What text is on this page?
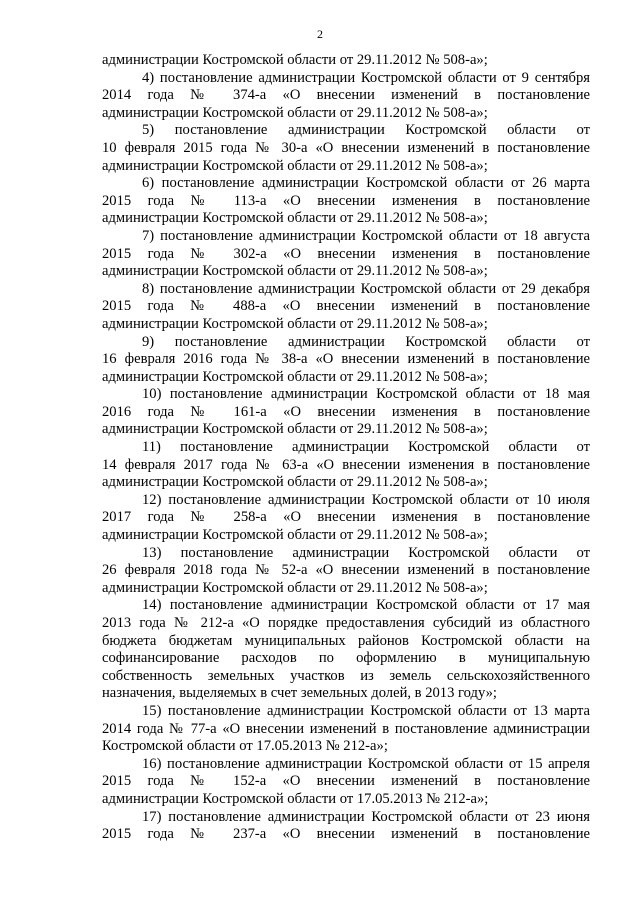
2
администрации Костромской области от 29.11.2012 № 508-а»;
4) постановление администрации Костромской области от 9 сентября
2014 года № 374-а «О внесении изменений в постановление
администрации Костромской области от 29.11.2012 № 508-а»;
5) постановление администрации Костромской области от
10 февраля 2015 года № 30-а «О внесении изменений в постановление
администрации Костромской области от 29.11.2012 № 508-а»;
6) постановление администрации Костромской области от 26 марта
2015 года № 113-а «О внесении изменения в постановление
администрации Костромской области от 29.11.2012 № 508-а»;
7) постановление администрации Костромской области от 18 августа
2015 года № 302-а «О внесении изменения в постановление
администрации Костромской области от 29.11.2012 № 508-а»;
8) постановление администрации Костромской области от 29 декабря
2015 года № 488-а «О внесении изменений в постановление
администрации Костромской области от 29.11.2012 № 508-а»;
9) постановление администрации Костромской области от
16 февраля 2016 года № 38-а «О внесении изменений в постановление
администрации Костромской области от 29.11.2012 № 508-а»;
10) постановление администрации Костромской области от 18 мая
2016 года № 161-а «О внесении изменения в постановление
администрации Костромской области от 29.11.2012 № 508-а»;
11) постановление администрации Костромской области от
14 февраля 2017 года № 63-а «О внесении изменения в постановление
администрации Костромской области от 29.11.2012 № 508-а»;
12) постановление администрации Костромской области от 10 июля
2017 года № 258-а «О внесении изменения в постановление
администрации Костромской области от 29.11.2012 № 508-а»;
13) постановление администрации Костромской области от
26 февраля 2018 года № 52-а «О внесении изменений в постановление
администрации Костромской области от 29.11.2012 № 508-а»;
14) постановление администрации Костромской области от 17 мая
2013 года № 212-а «О порядке предоставления субсидий из областного
бюджета бюджетам муниципальных районов Костромской области на
софинансирование расходов по оформлению в муниципальную
собственность земельных участков из земель сельскохозяйственного
назначения, выделяемых в счет земельных долей, в 2013 году»;
15) постановление администрации Костромской области от 13 марта
2014 года № 77-а «О внесении изменений в постановление администрации
Костромской области от 17.05.2013 № 212-а»;
16) постановление администрации Костромской области от 15 апреля
2015 года № 152-а «О внесении изменений в постановление
администрации Костромской области от 17.05.2013 № 212-а»;
17) постановление администрации Костромской области от 23 июня
2015 года № 237-а «О внесении изменений в постановление
